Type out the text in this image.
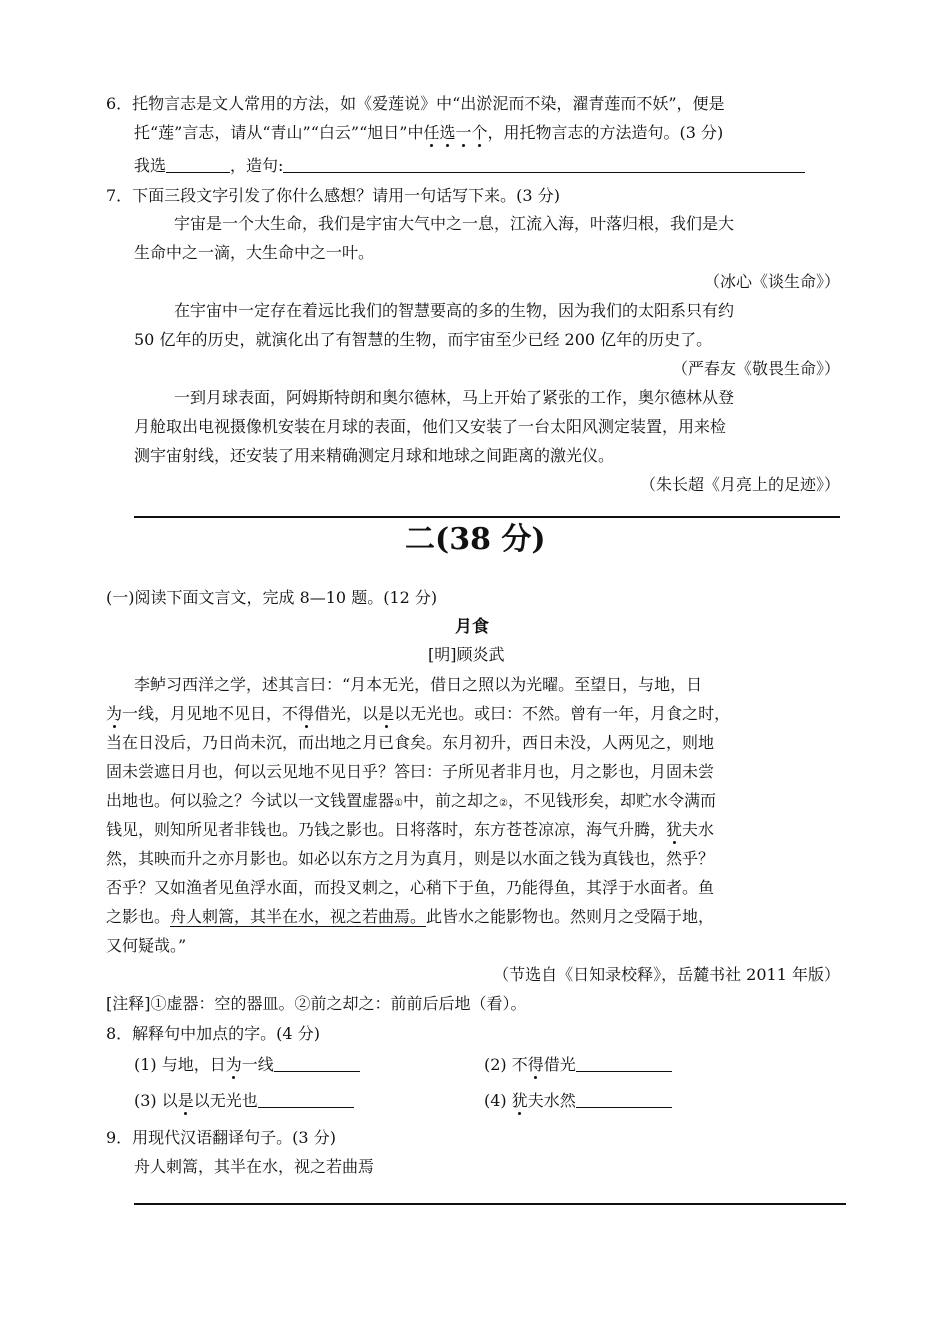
6．托物言志是文人常用的方法，如《爱莲说》中“出淤泥而不染，濯青莲而不妖”，便是
托“莲”言志，请从“青山”“白云”“旭日”中任选一个，用托物言志的方法造句。(3 分)
我选	，造句:
7．下面三段文字引发了你什么感想？请用一句话写下来。(3 分)
宇宙是一个大生命，我们是宇宙大气中之一息，江流入海，叶落归根，我们是大
生命中之一滴，大生命中之一叶。
（冰心《谈生命》）
在宇宙中一定存在着远比我们的智慧要高的多的生物，因为我们的太阳系只有约
50 亿年的历史，就演化出了有智慧的生物，而宇宙至少已经 200 亿年的历史了。
（严春友《敬畏生命》）
一到月球表面，阿姆斯特朗和奥尔德林，马上开始了紧张的工作，奥尔德林从登
月舱取出电视摄像机安装在月球的表面，他们又安装了一台太阳风测定装置，用来检
测宇宙射线，还安装了用来精确测定月球和地球之间距离的激光仪。
（朱长超《月亮上的足迹》）
二(38 分)
(一)阅读下面文言文，完成 8—10 题。(12 分)
月食
[明]顾炎武
李鲈习西洋之学，述其言曰：“月本无光，借日之照以为光曜。至望日，与地，日
为一线，月见地不见日，不得借光，以是以无光也。或曰：不然。曾有一年，月食之时，
当在日没后，乃日尚未沉，而出地之月已食矣。东月初升，西日未没，人两见之，则地
固未尝遮日月也，何以云见地不见日乎？答曰：子所见者非月也，月之影也，月固未尝
出地也。何以验之？今试以一文钱置虚器①中，前之却之②，不见钱形矣，却贮水令满而
钱见，则知所见者非钱也。乃钱之影也。日将落时，东方苍苍凉凉，海气升腾，犹夫水
然，其映而升之亦月影也。如必以东方之月为真月，则是以水面之钱为真钱也，然乎？
否乎？又如渔者见鱼浮水面，而投叉刺之，心稍下于鱼，乃能得鱼，其浮于水面者。鱼
之影也。舟人刺篙，其半在水，视之若曲焉。此皆水之能影物也。然则月之受隔于地，
又何疑哉。”
（节选自《日知录校释》，岳麓书社 2011 年版）
[注释]①虚器：空的器皿。②前之却之：前前后后地（看）。
8．解释句中加点的字。(4 分)
(1) 与地，日为一线	(2) 不得借光
(3) 以是以无光也	(4) 犹夫水然
9．用现代汉语翻译句子。(3 分)
舟人刺篙，其半在水，视之若曲焉
